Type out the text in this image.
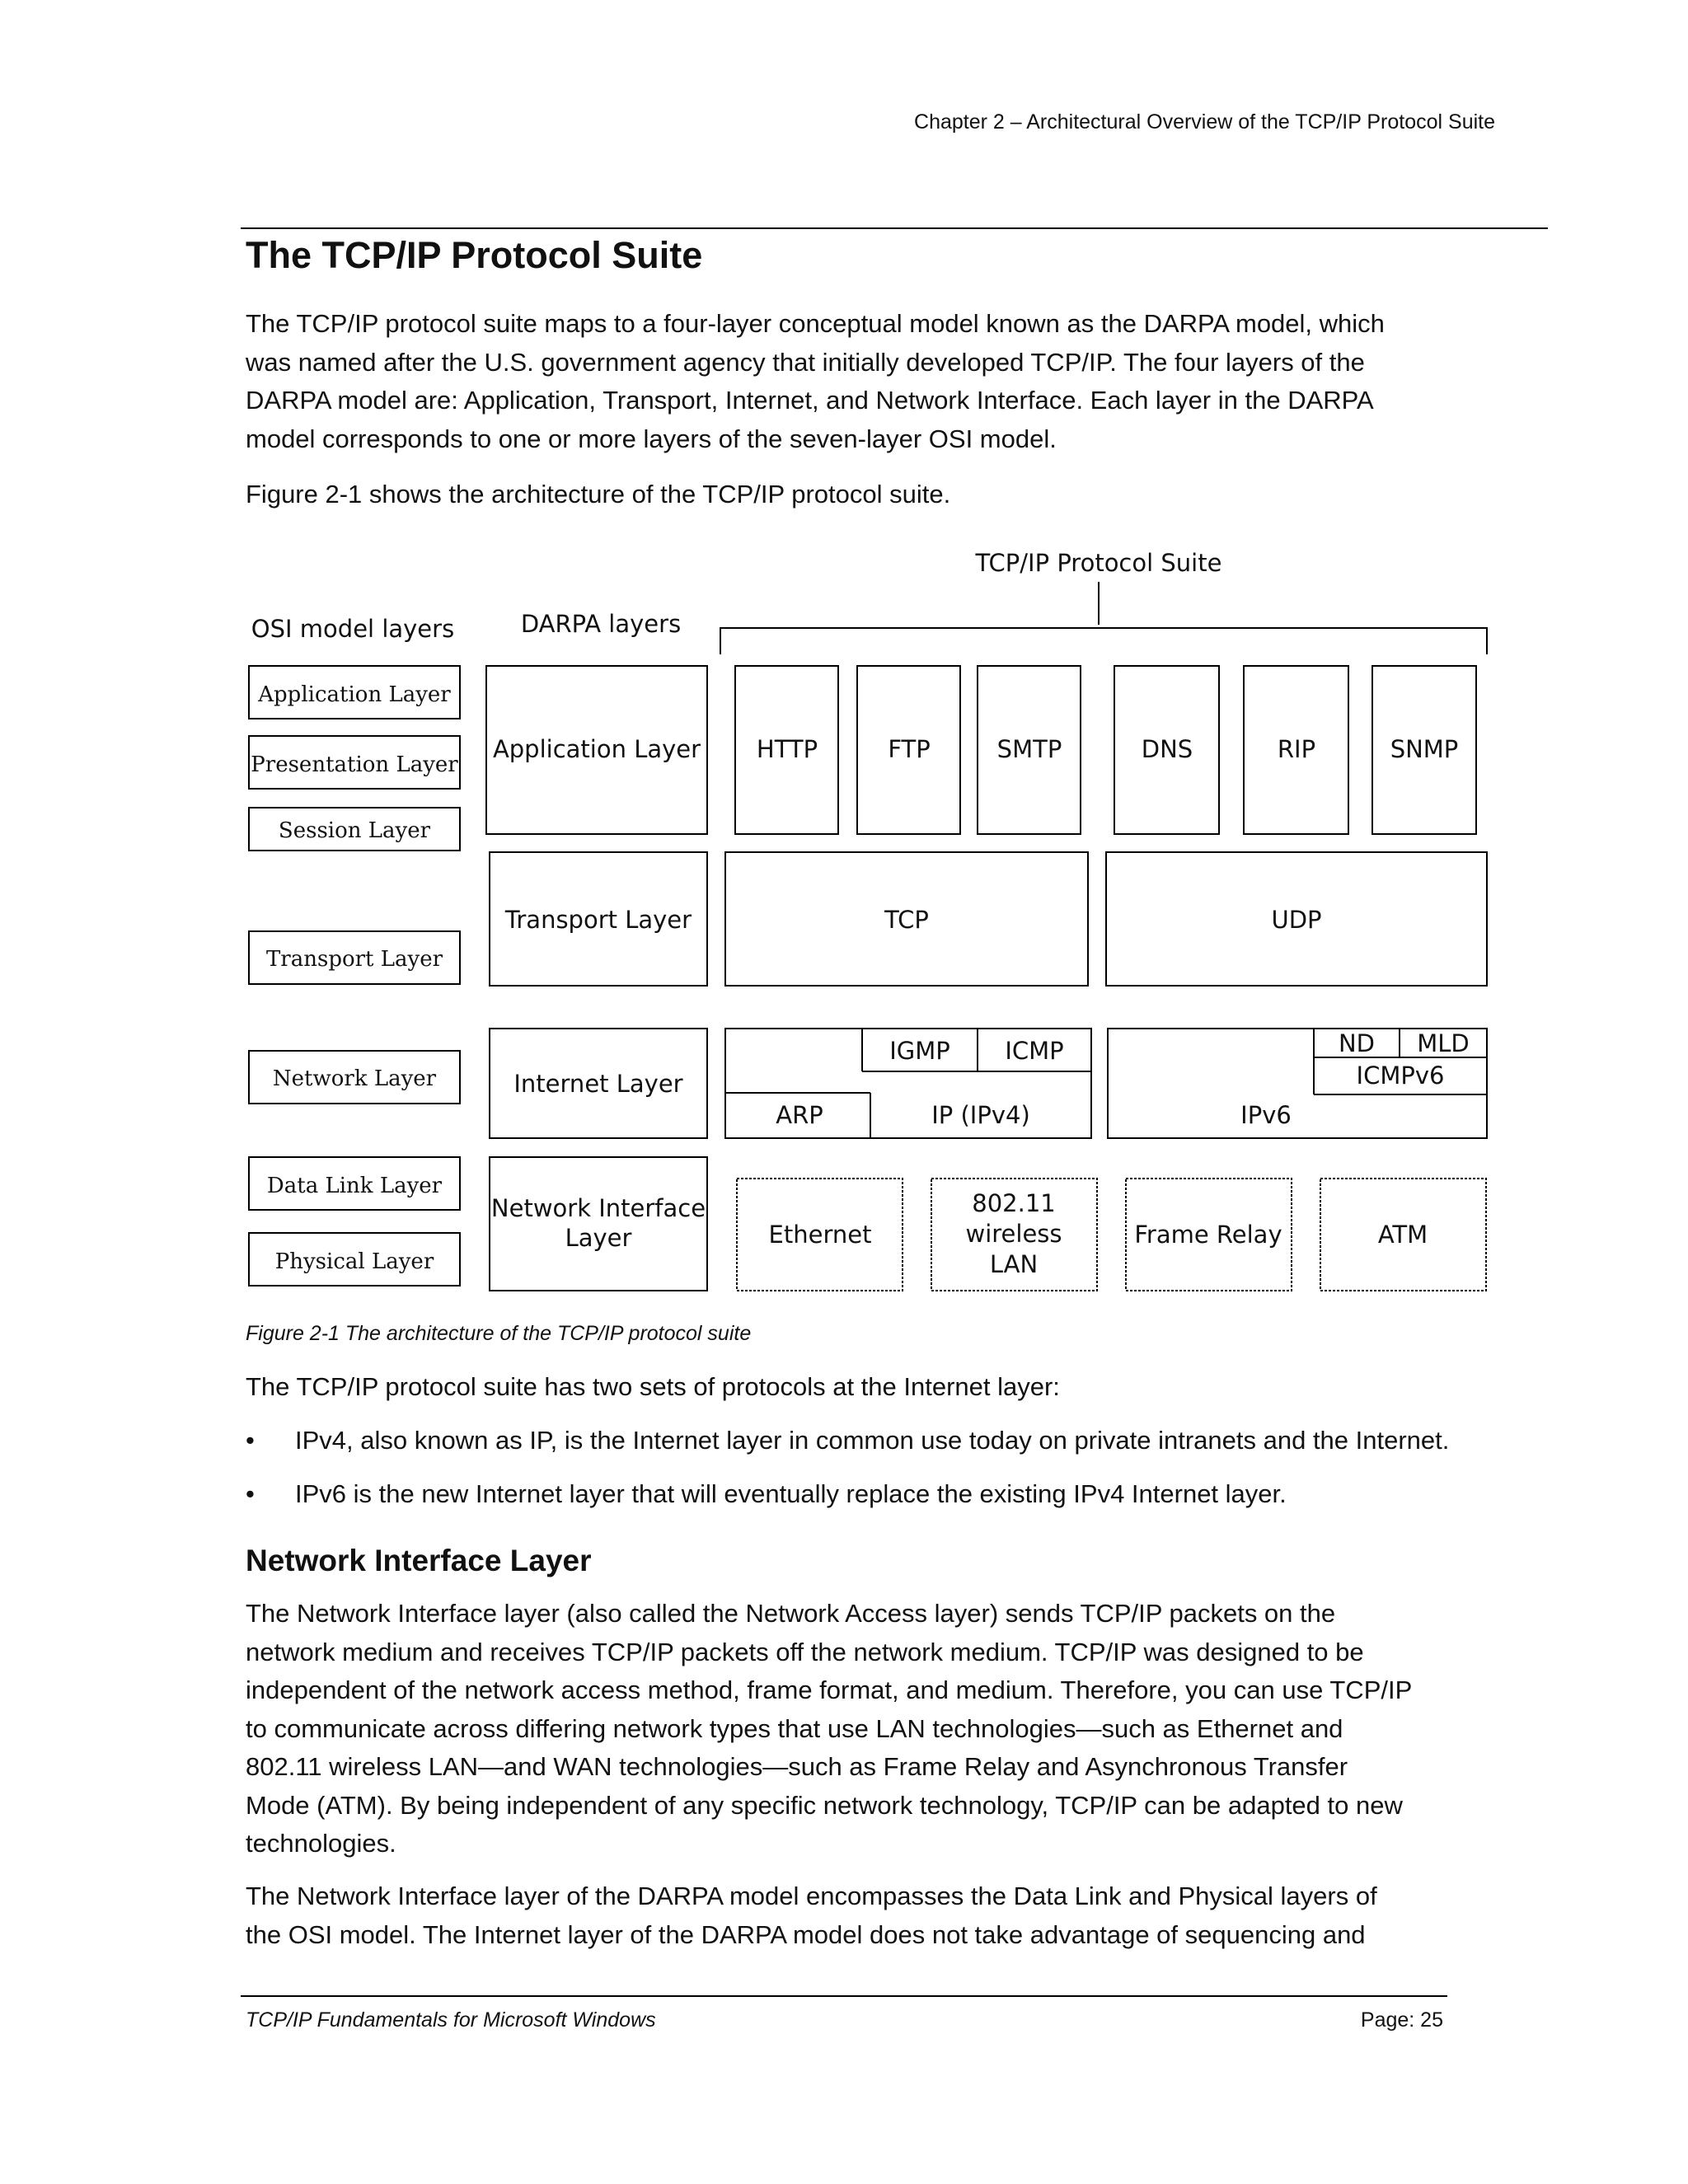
Chapter 2 – Architectural Overview of the TCP/IP Protocol Suite
The TCP/IP Protocol Suite
The TCP/IP protocol suite maps to a four-layer conceptual model known as the DARPA model, which
was named after the U.S. government agency that initially developed TCP/IP. The four layers of the
DARPA model are: Application, Transport, Internet, and Network Interface. Each layer in the DARPA
model corresponds to one or more layers of the seven-layer OSI model.
Figure 2-1 shows the architecture of the TCP/IP protocol suite.
TCP/IP Protocol Suite
OSI model layers	DARPA layers
Application Layer
Presentation Layer
Session Layer
Transport Layer
Network Layer
Data Link Layer
Physical Layer
Application Layer
Transport Layer
Internet Layer
Network Interface
Layer
HTTP	FTP	SMTP	DNS	RIP	SNMP
TCP	UDP
IGMP ICMP
ARP	IP (IPv4)
ND MLD
ICMPv6
IPv6
Ethernet
802.11
wireless
LAN
Frame Relay	ATM
Figure 2-1 The architecture of the TCP/IP protocol suite
The TCP/IP protocol suite has two sets of protocols at the Internet layer:
• IPv4, also known as IP, is the Internet layer in common use today on private intranets and the Internet.
• IPv6 is the new Internet layer that will eventually replace the existing IPv4 Internet layer.
Network Interface Layer
The Network Interface layer (also called the Network Access layer) sends TCP/IP packets on the
network medium and receives TCP/IP packets off the network medium. TCP/IP was designed to be
independent of the network access method, frame format, and medium. Therefore, you can use TCP/IP
to communicate across differing network types that use LAN technologies—such as Ethernet and
802.11 wireless LAN—and WAN technologies—such as Frame Relay and Asynchronous Transfer
Mode (ATM). By being independent of any specific network technology, TCP/IP can be adapted to new
technologies.
The Network Interface layer of the DARPA model encompasses the Data Link and Physical layers of
the OSI model. The Internet layer of the DARPA model does not take advantage of sequencing and
TCP/IP Fundamentals for Microsoft Windows	Page: 25
